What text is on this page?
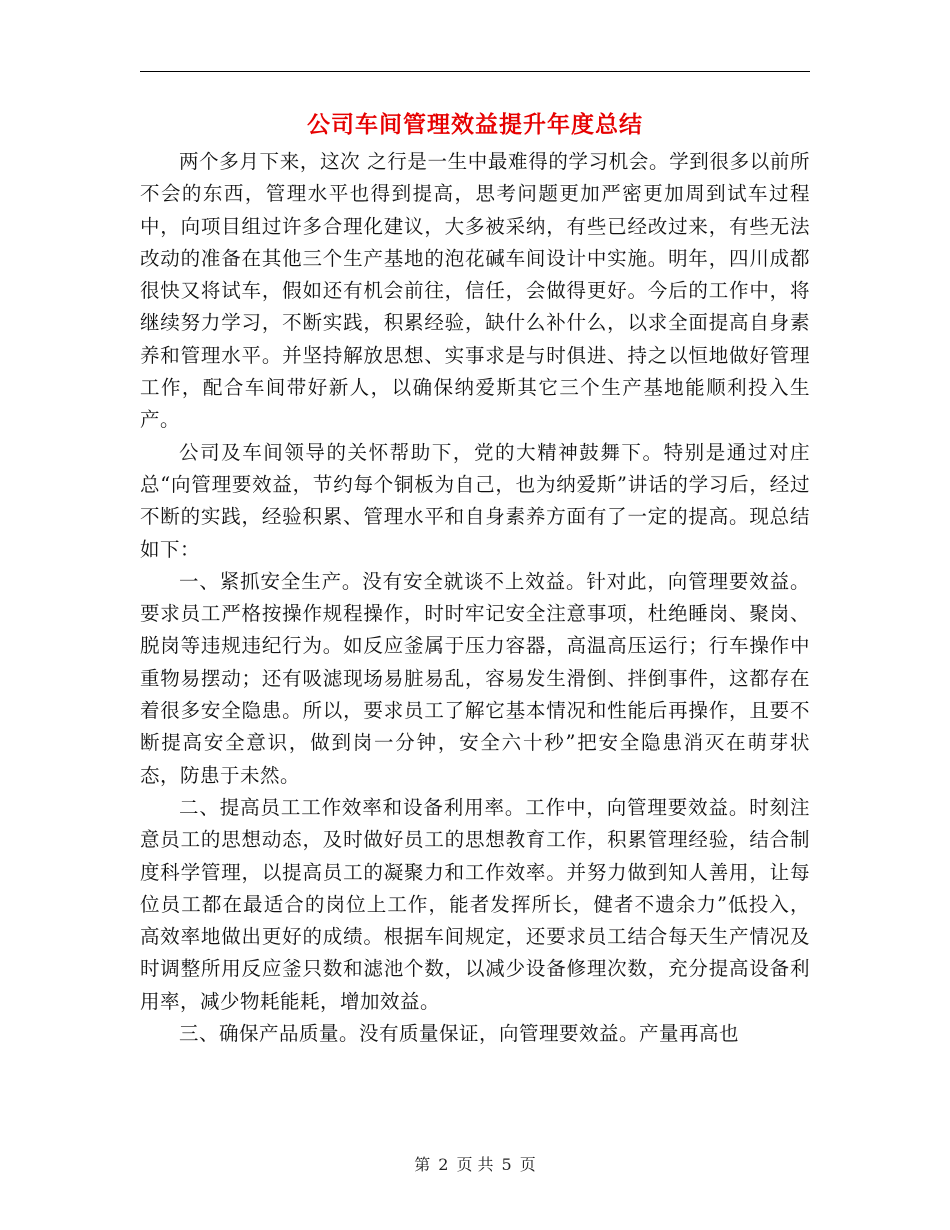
公司车间管理效益提升年度总结

两个多月下来，这次 之行是一生中最难得的学习机会。学到很多以前所不会的东西，管理水平也得到提高，思考问题更加严密更加周到试车过程中，向项目组过许多合理化建议，大多被采纳，有些已经改过来，有些无法改动的准备在其他三个生产基地的泡花碱车间设计中实施。明年，四川成都很快又将试车，假如还有机会前往，信任，会做得更好。今后的工作中，将继续努力学习，不断实践，积累经验，缺什么补什么，以求全面提高自身素养和管理水平。并坚持解放思想、实事求是与时俱进、持之以恒地做好管理工作，配合车间带好新人，以确保纳爱斯其它三个生产基地能顺利投入生产。

公司及车间领导的关怀帮助下，党的大精神鼓舞下。特别是通过对庄总“向管理要效益，节约每个铜板为自己，也为纳爱斯”讲话的学习后，经过不断的实践，经验积累、管理水平和自身素养方面有了一定的提高。现总结如下：

一、紧抓安全生产。没有安全就谈不上效益。针对此，向管理要效益。要求员工严格按操作规程操作，时时牢记安全注意事项，杜绝睡岗、聚岗、脱岗等违规违纪行为。如反应釜属于压力容器，高温高压运行；行车操作中重物易摆动；还有吸滤现场易脏易乱，容易发生滑倒、拌倒事件，这都存在着很多安全隐患。所以，要求员工了解它基本情况和性能后再操作，且要不断提高安全意识，做到岗一分钟，安全六十秒”把安全隐患消灭在萌芽状态，防患于未然。

二、提高员工工作效率和设备利用率。工作中，向管理要效益。时刻注意员工的思想动态，及时做好员工的思想教育工作，积累管理经验，结合制度科学管理，以提高员工的凝聚力和工作效率。并努力做到知人善用，让每位员工都在最适合的岗位上工作，能者发挥所长，健者不遗余力”低投入，高效率地做出更好的成绩。根据车间规定，还要求员工结合每天生产情况及时调整所用反应釜只数和滤池个数，以减少设备修理次数，充分提高设备利用率，减少物耗能耗，增加效益。

三、确保产品质量。没有质量保证，向管理要效益。产量再高也

第 2 页 共 5 页
